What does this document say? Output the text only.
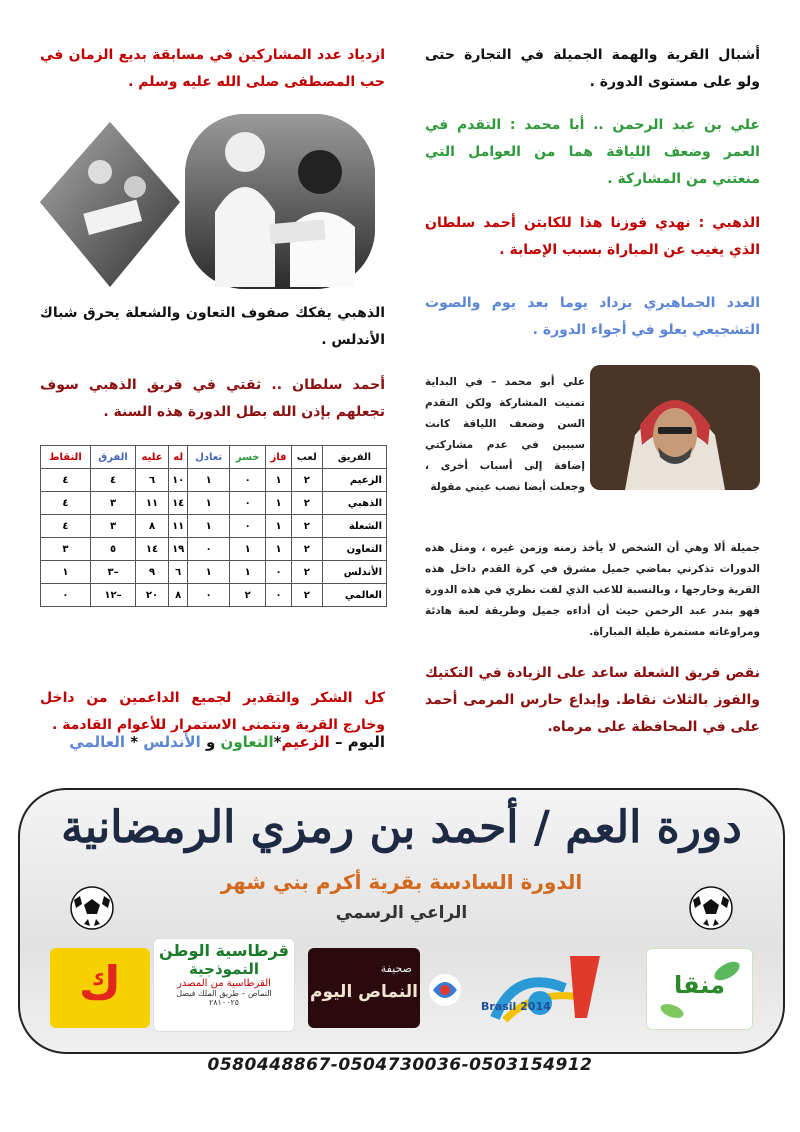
أشبال القرية والهمة الجميلة في التجارة حتى ولو على مستوى الدورة .
علي بن عبد الرحمن .. أبا محمد : التقدم في العمر وضعف اللياقة هما من العوامل التي منعتني من المشاركة .
الذهبي : نهدي فوزنا هذا للكابتن أحمد سلطان الذي يغيب عن المباراة بسبب الإصابة .
العدد الجماهيري يزداد يوما بعد يوم والصوت التشجيعي يعلو في أجواء الدورة .
علي أبو محمد – في البداية تمنيت المشاركة ولكن التقدم السن وضعف اللياقة كانت سببين في عدم مشاركتي إضافة إلى أسباب أخرى ، وجعلت أيضا نصب عيني مقولة
جميلة ألا وهي أن الشخص لا يأخذ زمنه وزمن غيره ، ومثل هذه الدورات تذكرني بماضي جميل مشرق في كرة القدم داخل هذه القرية وخارجها ، وبالنسبة للاعب الذي لفت نظري في هذه الدورة فهو بندر عبد الرحمن حيث أن أداءه جميل وطريقة لعبة هادئة ومراوغاته مستمرة طيلة المباراة.
نقص فريق الشعلة ساعد على الزيادة في التكتيك والفوز بالثلاث نقاط. وإبداع حارس المرمى أحمد على في المحافظة على مرماه.
ازدياد عدد المشاركين في مسابقة بديع الزمان في حب المصطفى صلى الله عليه وسلم .
الذهبي يفكك صفوف التعاون والشعلة يحرق شباك الأندلس .
أحمد سلطان .. ثقتي في فريق الذهبي سوف تجعلهم بإذن الله بطل الدورة هذه السنة .
الفريق	لعب	فاز	خسر	تعادل	له	عليه	الفرق	النقاط
الزعيم	٢	١	٠	١	١٠	٦	٤	٤
الذهبي	٢	١	٠	١	١٤	١١	٣	٤
الشعلة	٢	١	٠	١	١١	٨	٣	٤
التعاون	٢	١	١	٠	١٩	١٤	٥	٣
الأندلس	٢	٠	١	١	٦	٩	–٣	١
العالمي	٢	٠	٢	٠	٨	٢٠	–١٢	٠
كل الشكر والتقدير لجميع الداعمين من داخل وخارج القرية ونتمنى الاستمرار للأعوام القادمة .
اليوم – الزعيم*التعاون و الأندلس * العالمي
دورة العم / أحمد بن رمزي الرمضانية
الدورة السادسة بقرية أكرم بني شهر
الراعي الرسمي
منقا
Brasil 2014
صحيفة
النماص اليوم
قرطاسية الوطن
النموذجية
القرطاسية من المصدر
النماص – طريق الملك فيصل
٢٨١٠٠٢٥
ك
0580448867-0504730036-0503154912
